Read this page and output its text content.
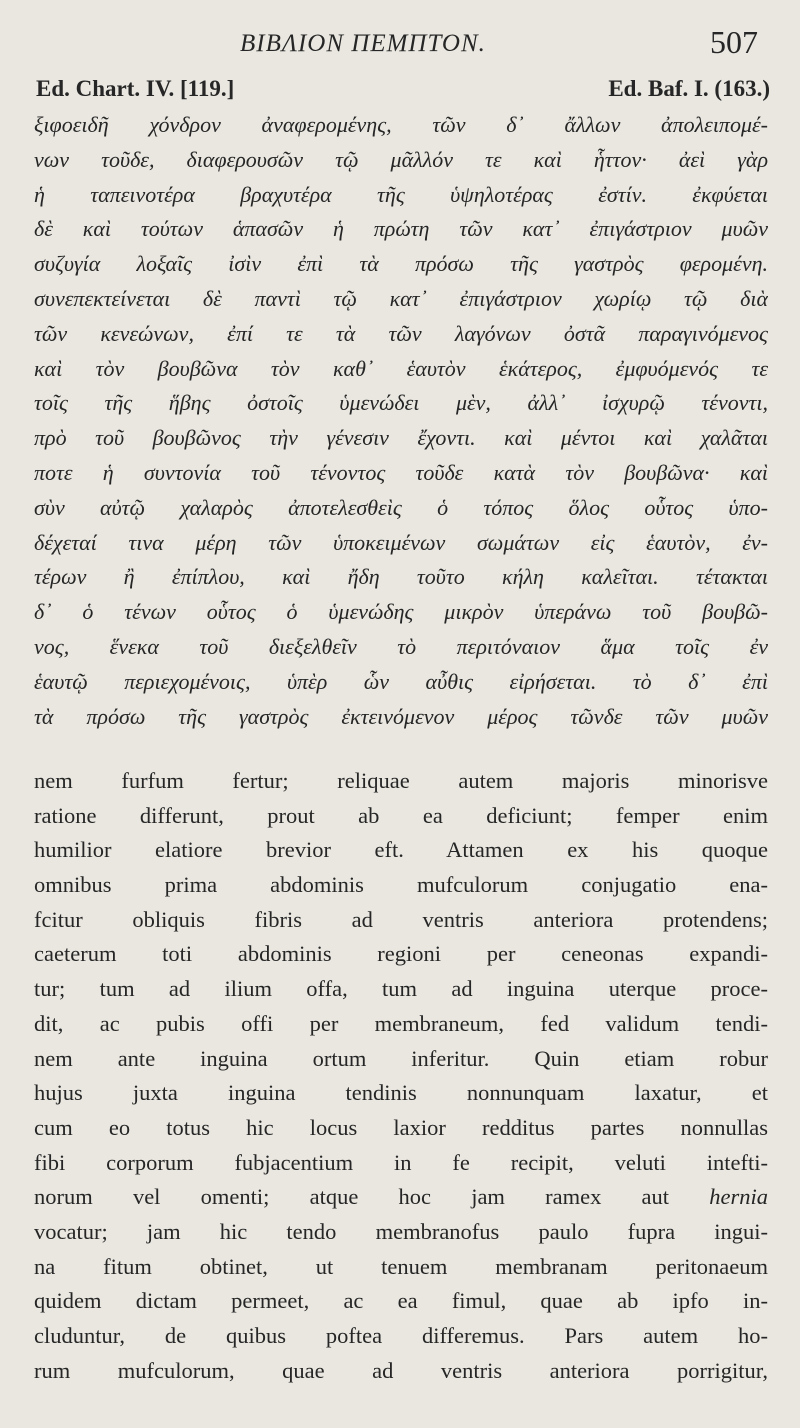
ΒΙΒΛΙΟΝ ΠΕΜΠΤΟΝ.	507
Ed. Chart. IV. [119.]	Ed. Baf. I. (163.)
ξιφοειδῆ χόνδρον ἀναφερομένης, τῶν δ᾽ ἄλλων ἀπολειπομέ-
νων τοῦδε, διαφερουσῶν τῷ μᾶλλόν τε καὶ ἧττον· ἀεὶ γὰρ
ἡ ταπεινοτέρα βραχυτέρα τῆς ὑψηλοτέρας ἐστίν. ἐκφύεται
δὲ καὶ τούτων ἁπασῶν ἡ πρώτη τῶν κατ᾽ ἐπιγάστριον μυῶν
συζυγία λοξαῖς ἰσὶν ἐπὶ τὰ πρόσω τῆς γαστρὸς φερομένη.
συνεπεκτείνεται δὲ παντὶ τῷ κατ᾽ ἐπιγάστριον χωρίῳ τῷ διὰ
τῶν κενεώνων, ἐπί τε τὰ τῶν λαγόνων ὀστᾶ παραγινόμενος
καὶ τὸν βουβῶνα τὸν καθ᾽ ἑαυτὸν ἑκάτερος, ἐμφυόμενός τε
τοῖς τῆς ἥβης ὀστοῖς ὑμενώδει μὲν, ἀλλ᾽ ἰσχυρῷ τένοντι,
πρὸ τοῦ βουβῶνος τὴν γένεσιν ἔχοντι. καὶ μέντοι καὶ χαλᾶται
ποτε ἡ συντονία τοῦ τένοντος τοῦδε κατὰ τὸν βουβῶνα· καὶ
σὺν αὐτῷ χαλαρὸς ἀποτελεσθεὶς ὁ τόπος ὅλος οὗτος ὑπο-
δέχεταί τινα μέρη τῶν ὑποκειμένων σωμάτων εἰς ἑαυτὸν, ἐν-
τέρων ἢ ἐπίπλου, καὶ ἤδη τοῦτο κήλη καλεῖται. τέτακται
δ᾽ ὁ τένων οὗτος ὁ ὑμενώδης μικρὸν ὑπεράνω τοῦ βουβῶ-
νος, ἕνεκα τοῦ διεξελθεῖν τὸ περιτόναιον ἅμα τοῖς ἐν
ἑαυτῷ περιεχομένοις, ὑπὲρ ὧν αὖθις εἰρήσεται. τὸ δ᾽ ἐπὶ
τὰ πρόσω τῆς γαστρὸς ἐκτεινόμενον μέρος τῶνδε τῶν μυῶν
nem furfum fertur; reliquae autem majoris minorisve
ratione differunt, prout ab ea deficiunt; femper enim
humilior elatiore brevior eft. Attamen ex his quoque
omnibus prima abdominis mufculorum conjugatio ena-
fcitur obliquis fibris ad ventris anteriora protendens;
caeterum toti abdominis regioni per ceneonas expandi-
tur; tum ad ilium offa, tum ad inguina uterque proce-
dit, ac pubis offi per membraneum, fed validum tendi-
nem ante inguina ortum inferitur. Quin etiam robur
hujus juxta inguina tendinis nonnunquam laxatur, et
cum eo totus hic locus laxior redditus partes nonnullas
fibi corporum fubjacentium in fe recipit, veluti intefti-
norum vel omenti; atque hoc jam ramex aut hernia
vocatur; jam hic tendo membranofus paulo fupra ingui-
na fitum obtinet, ut tenuem membranam peritonaeum
quidem dictam permeet, ac ea fimul, quae ab ipfo in-
cluduntur, de quibus poftea differemus. Pars autem ho-
rum mufculorum, quae ad ventris anteriora porrigitur,
